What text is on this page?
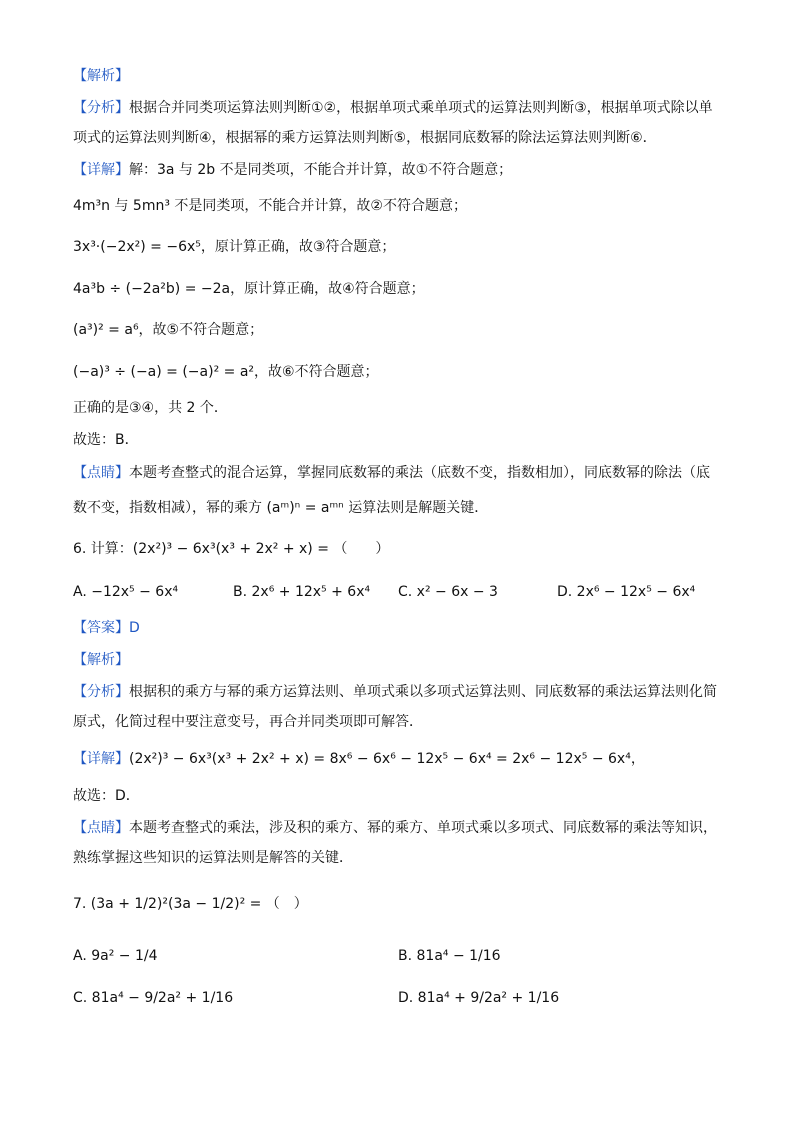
【解析】
【分析】根据合并同类项运算法则判断①②，根据单项式乘单项式的运算法则判断③，根据单项式除以单
项式的运算法则判断④，根据幂的乘方运算法则判断⑤，根据同底数幂的除法运算法则判断⑥．
【详解】解：3a 与 2b 不是同类项，不能合并计算，故①不符合题意；
4m³n 与 5mn³ 不是同类项，不能合并计算，故②不符合题意；
3x³·(−2x²) = −6x⁵，原计算正确，故③符合题意；
4a³b ÷ (−2a²b) = −2a，原计算正确，故④符合题意；
(a³)² = a⁶，故⑤不符合题意；
(−a)³ ÷ (−a) = (−a)² = a²，故⑥不符合题意；
正确的是③④，共 2 个．
故选：B．
【点睛】本题考查整式的混合运算，掌握同底数幂的乘法（底数不变，指数相加），同底数幂的除法（底
数不变，指数相减），幂的乘方 (aᵐ)ⁿ = aᵐⁿ 运算法则是解题关键．
6. 计算：(2x²)³ − 6x³(x³ + 2x² + x) = （　　）
A. −12x⁵ − 6x⁴	B. 2x⁶ + 12x⁵ + 6x⁴ C. x² − 6x − 3	D. 2x⁶ − 12x⁵ − 6x⁴
【答案】D
【解析】
【分析】根据积的乘方与幂的乘方运算法则、单项式乘以多项式运算法则、同底数幂的乘法运算法则化简
原式，化简过程中要注意变号，再合并同类项即可解答．
【详解】(2x²)³ − 6x³(x³ + 2x² + x) = 8x⁶ − 6x⁶ − 12x⁵ − 6x⁴ = 2x⁶ − 12x⁵ − 6x⁴，
故选：D．
【点睛】本题考查整式的乘法，涉及积的乘方、幂的乘方、单项式乘以多项式、同底数幂的乘法等知识，
熟练掌握这些知识的运算法则是解答的关键．
7. (3a + 1/2)²(3a − 1/2)² = （　）
A. 9a² − 1/4	B. 81a⁴ − 1/16
C. 81a⁴ − 9/2a² + 1/16	D. 81a⁴ + 9/2a² + 1/16
